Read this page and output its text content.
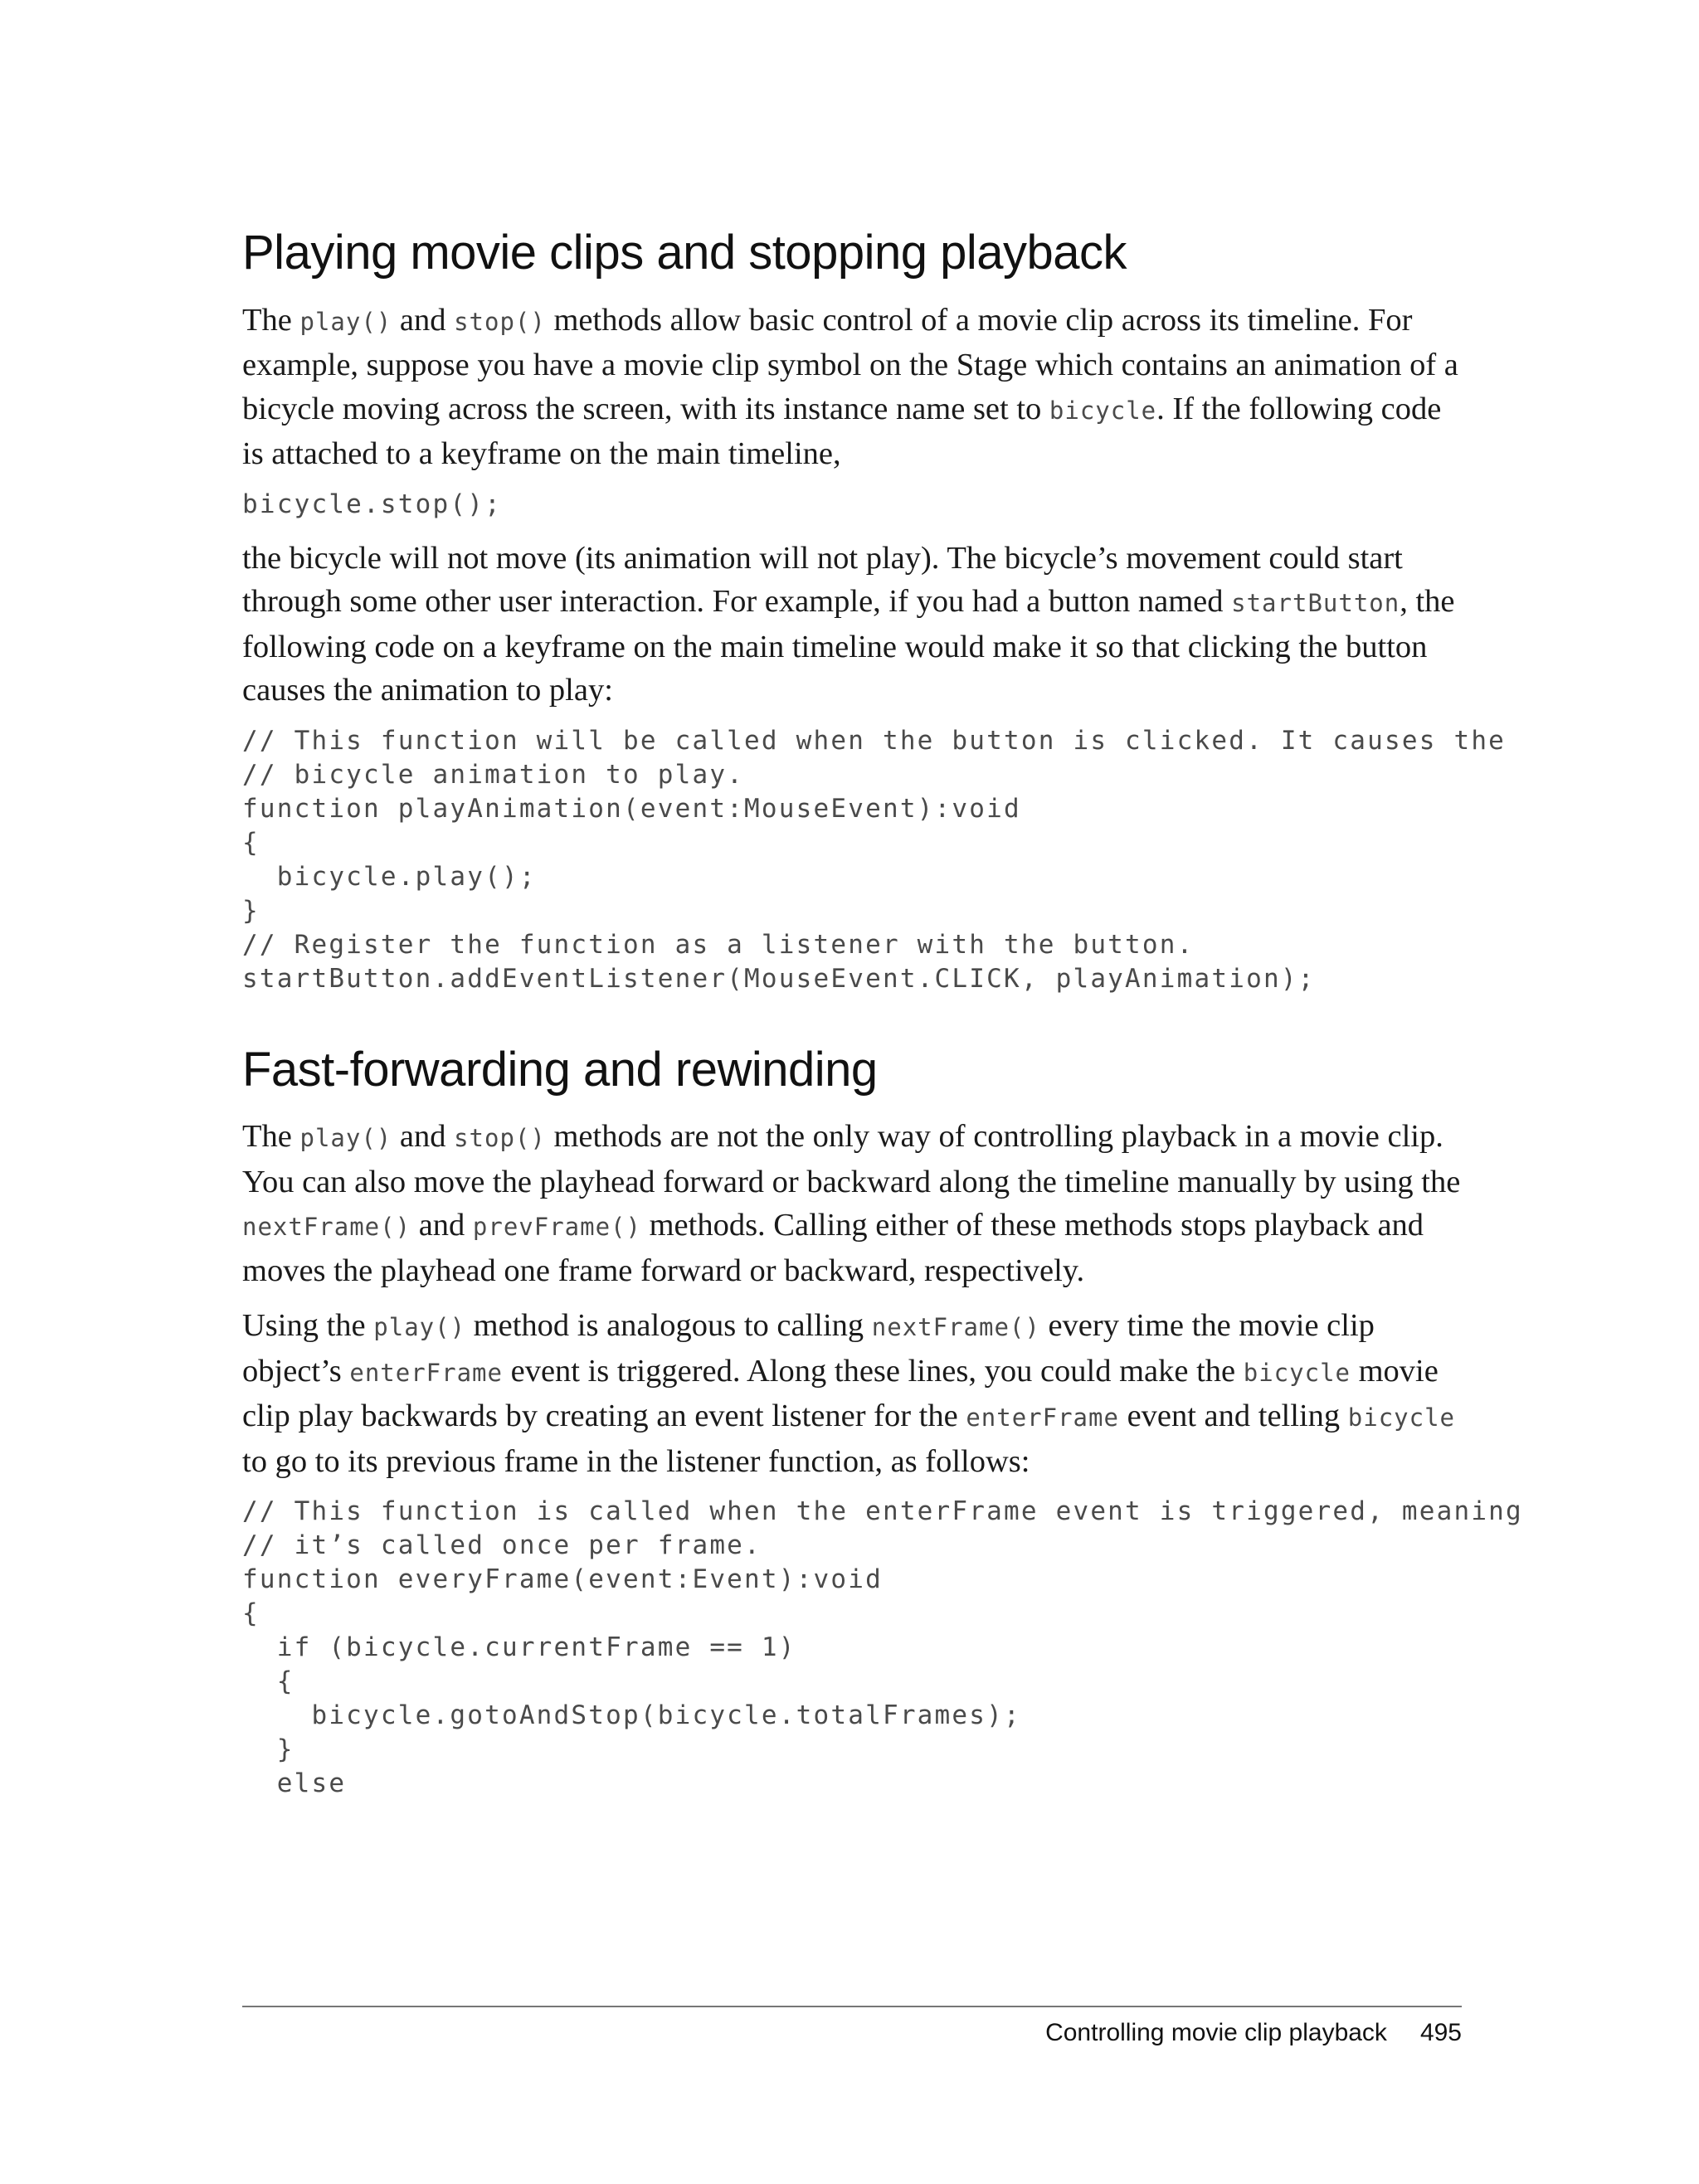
Playing movie clips and stopping playback

The play() and stop() methods allow basic control of a movie clip across its timeline. For example, suppose you have a movie clip symbol on the Stage which contains an animation of a bicycle moving across the screen, with its instance name set to bicycle. If the following code is attached to a keyframe on the main timeline,

bicycle.stop();

the bicycle will not move (its animation will not play). The bicycle’s movement could start through some other user interaction. For example, if you had a button named startButton, the following code on a keyframe on the main timeline would make it so that clicking the button causes the animation to play:

// This function will be called when the button is clicked. It causes the
// bicycle animation to play.
function playAnimation(event:MouseEvent):void
{
bicycle.play();
}
// Register the function as a listener with the button.
startButton.addEventListener(MouseEvent.CLICK, playAnimation);
Fast-forwarding and rewinding

The play() and stop() methods are not the only way of controlling playback in a movie clip. You can also move the playhead forward or backward along the timeline manually by using the nextFrame() and prevFrame() methods. Calling either of these methods stops playback and moves the playhead one frame forward or backward, respectively.

Using the play() method is analogous to calling nextFrame() every time the movie clip object’s enterFrame event is triggered. Along these lines, you could make the bicycle movie clip play backwards by creating an event listener for the enterFrame event and telling bicycle to go to its previous frame in the listener function, as follows:

// This function is called when the enterFrame event is triggered, meaning
// it’s called once per frame.
function everyFrame(event:Event):void
{
if (bicycle.currentFrame == 1)
{
bicycle.gotoAndStop(bicycle.totalFrames);
}
else
Controlling movie clip playback 495
